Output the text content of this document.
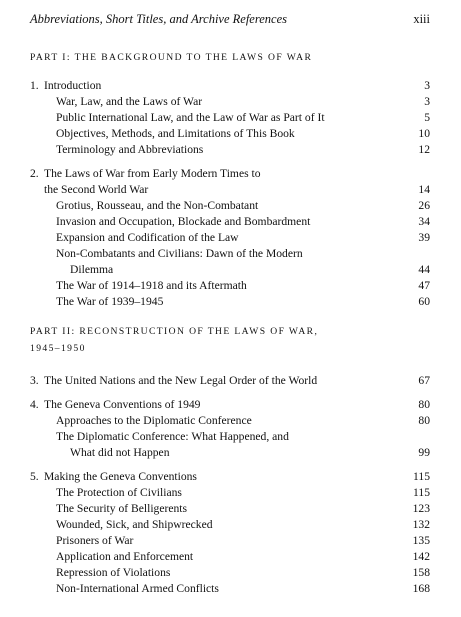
Abbreviations, Short Titles, and Archive References	xiii
PART I: THE BACKGROUND TO THE LAWS OF WAR
1. Introduction	3
War, Law, and the Laws of War	3
Public International Law, and the Law of War as Part of It	5
Objectives, Methods, and Limitations of This Book	10
Terminology and Abbreviations	12
2. The Laws of War from Early Modern Times to
the Second World War	14
Grotius, Rousseau, and the Non-Combatant	26
Invasion and Occupation, Blockade and Bombardment	34
Expansion and Codification of the Law	39
Non-Combatants and Civilians: Dawn of the Modern
Dilemma	44
The War of 1914–1918 and its Aftermath	47
The War of 1939–1945	60
PART II: RECONSTRUCTION OF THE LAWS OF WAR,
1945–1950
3. The United Nations and the New Legal Order of the World	67
4. The Geneva Conventions of 1949	80
Approaches to the Diplomatic Conference	80
The Diplomatic Conference: What Happened, and
What did not Happen	99
5. Making the Geneva Conventions	115
The Protection of Civilians	115
The Security of Belligerents	123
Wounded, Sick, and Shipwrecked	132
Prisoners of War	135
Application and Enforcement	142
Repression of Violations	158
Non-International Armed Conflicts	168
